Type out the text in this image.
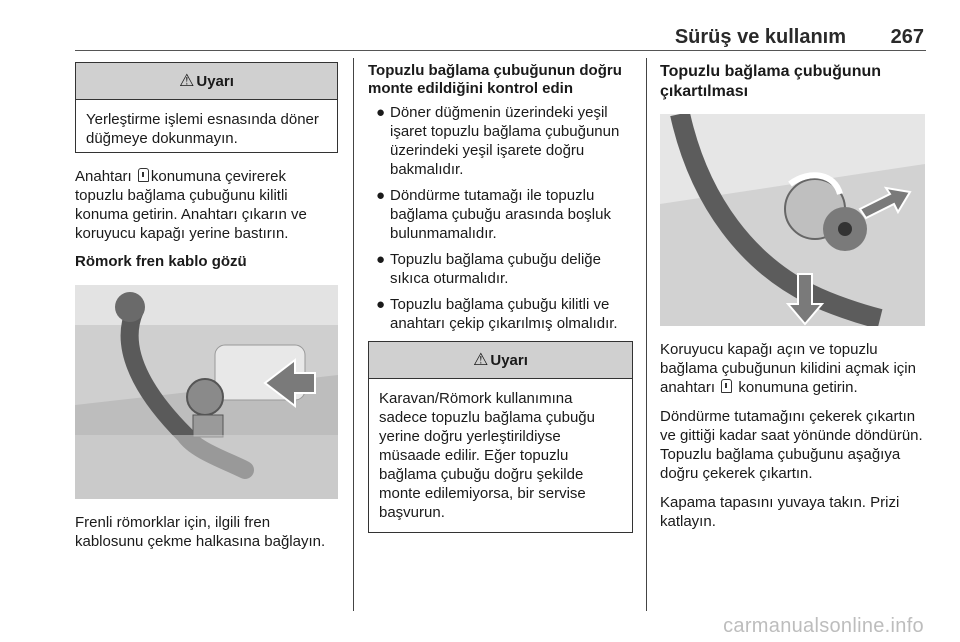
Sürüş ve kullanım 267
⚠ Uyarı

Yerleştirme işlemi esnasında döner düğmeye dokunmayın.

Anahtarı konumuna çevirerek topuzlu bağlama çubuğunu kilitli konuma getirin. Anahtarı çıkarın ve koruyucu kapağı yerine bastırın.

Römork fren kablo gözü

Frenli römorklar için, ilgili fren kablosunu çekme halkasına bağlayın.

Topuzlu bağlama çubuğunun doğru monte edildiğini kontrol edin
● Döner düğmenin üzerindeki yeşil işaret topuzlu bağlama çubuğunun üzerindeki yeşil işarete doğru bakmalıdır.
● Döndürme tutamağı ile topuzlu bağlama çubuğu arasında boşluk bulunmamalıdır.
● Topuzlu bağlama çubuğu deliğe sıkıca oturmalıdır.
● Topuzlu bağlama çubuğu kilitli ve anahtarı çekip çıkarılmış olmalıdır.
⚠ Uyarı

Karavan/Römork kullanımına sadece topuzlu bağlama çubuğu yerine doğru yerleştirildiyse müsaade edilir. Eğer topuzlu bağlama çubuğu doğru şekilde monte edilemiyorsa, bir servise başvurun.

Topuzlu bağlama çubuğunun çıkartılması

Koruyucu kapağı açın ve topuzlu bağlama çubuğunun kilidini açmak için anahtarı  konumuna getirin.

Döndürme tutamağını çekerek çıkartın ve gittiği kadar saat yönünde döndürün. Topuzlu bağlama çubuğunu aşağıya doğru çekerek çıkartın.

Kapama tapasını yuvaya takın. Prizi katlayın.

carmanualsonline.info
